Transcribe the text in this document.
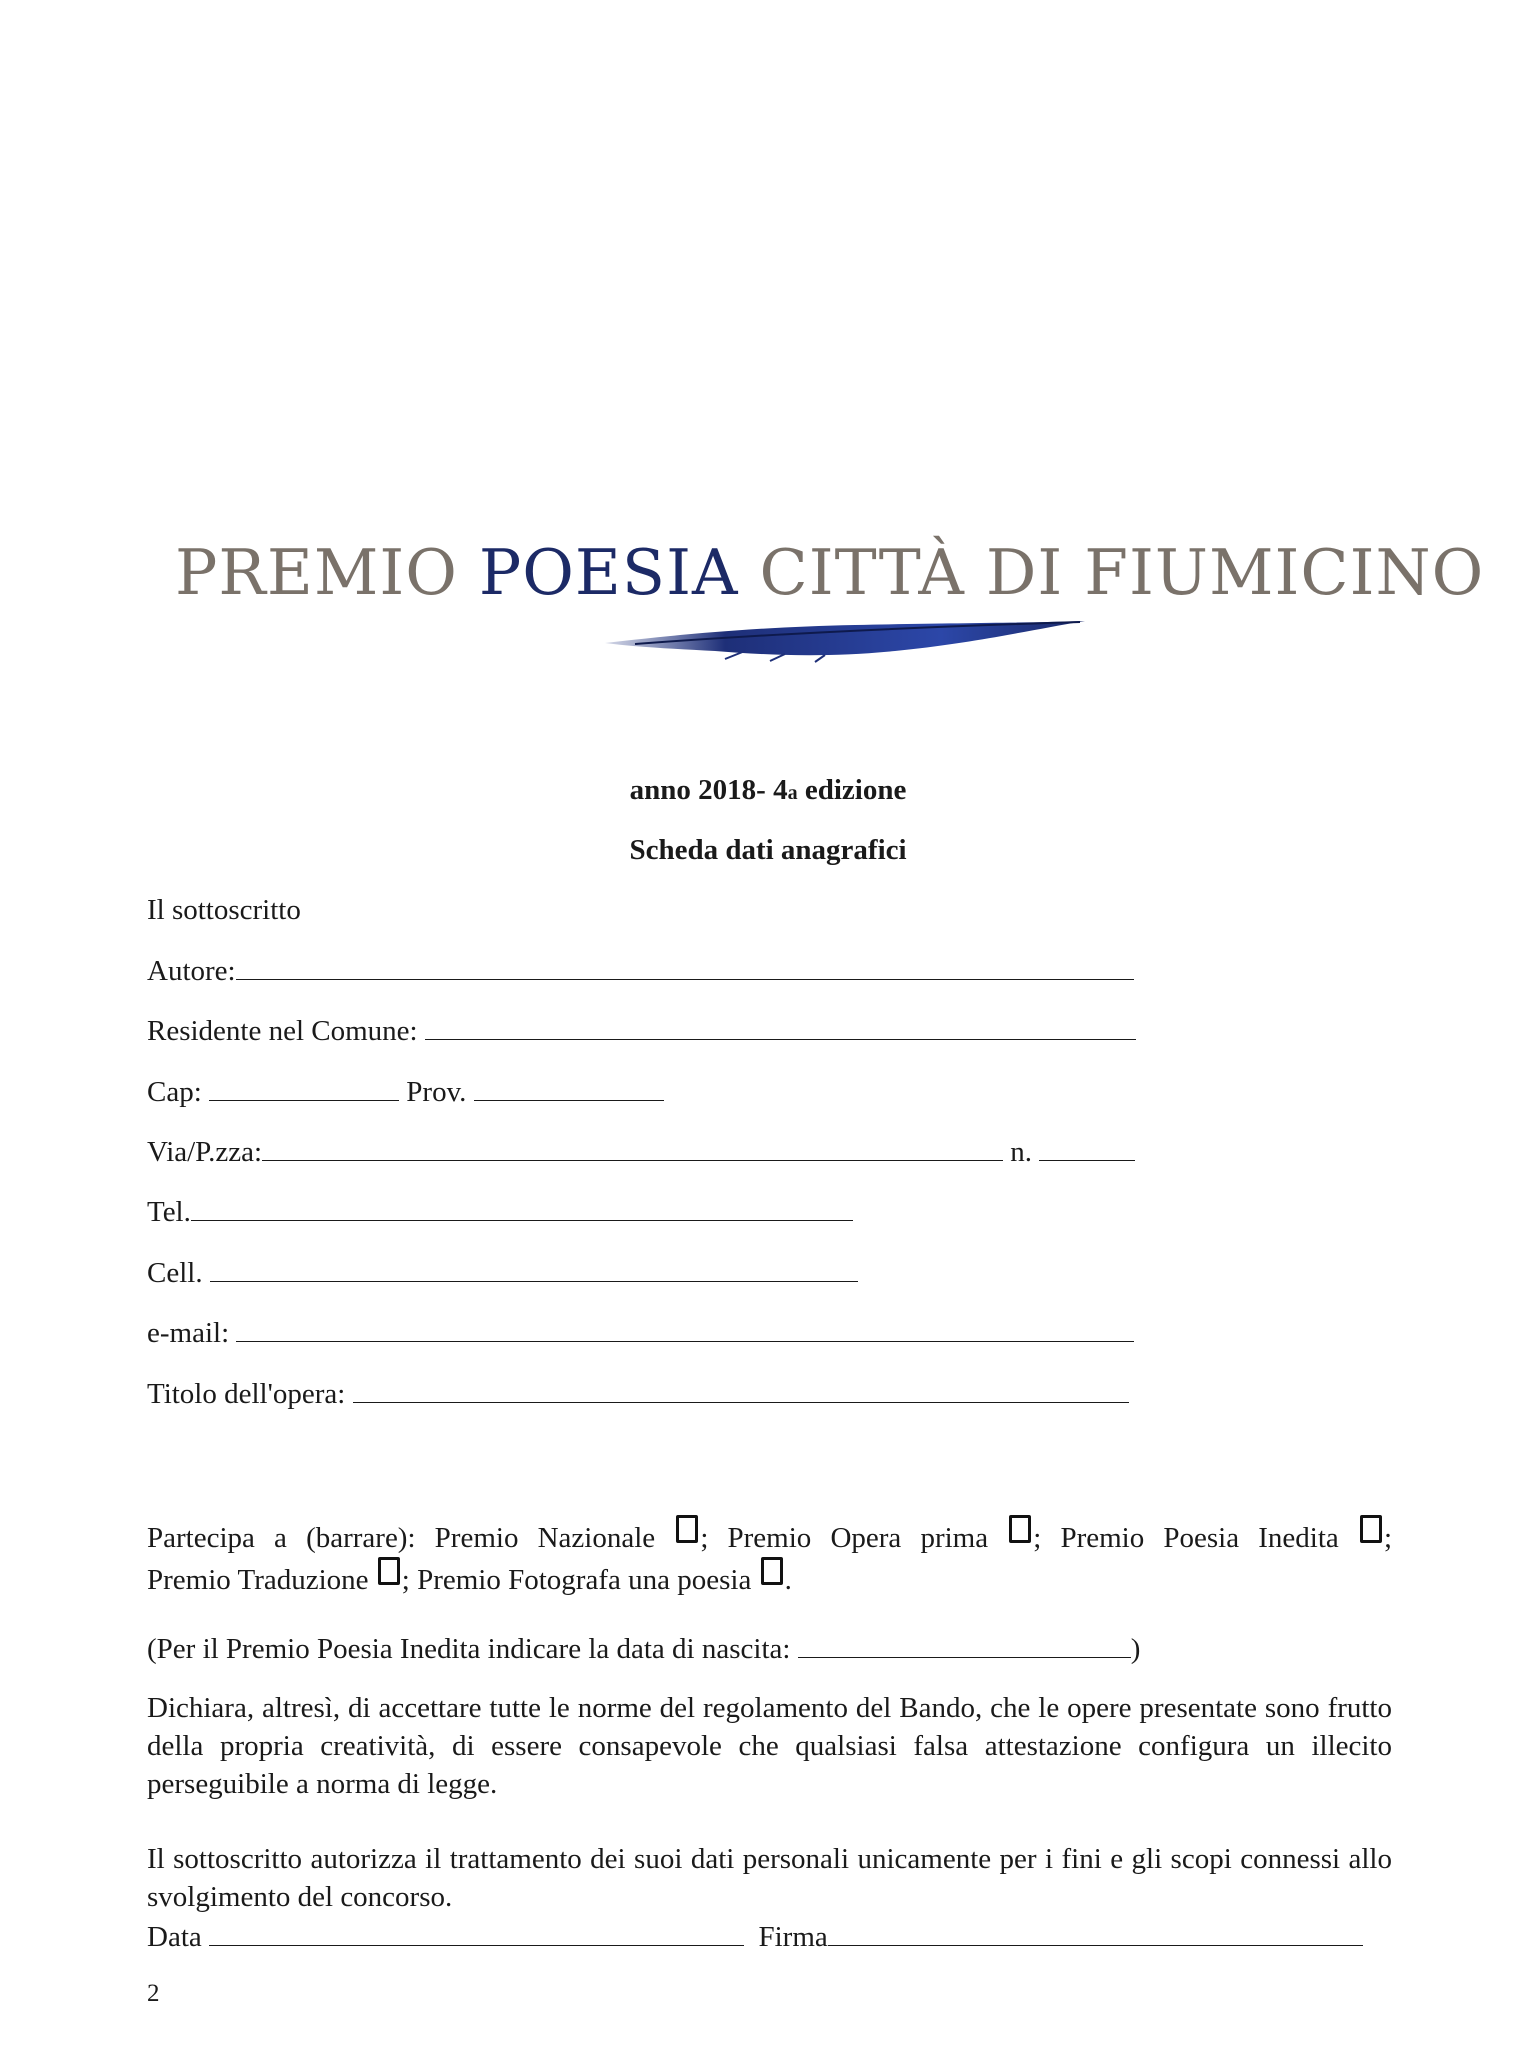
PREMIO POESIA CITTÀ DI FIUMICINO
anno 2018- 4a edizione
Scheda dati anagrafici
Il sottoscritto
Autore:
Residente nel Comune:
Cap:	Prov.
Via/P.zza:	n.
Tel.
Cell.
e-mail:
Titolo dell'opera:
Partecipa a (barrare): Premio Nazionale ; Premio Opera prima ; Premio Poesia Inedita ;
Premio Traduzione ; Premio Fotografa una poesia .
(Per il Premio Poesia Inedita indicare la data di nascita:	)
Dichiara, altresì, di accettare tutte le norme del regolamento del Bando, che le opere presentate sono frutto della propria creatività, di essere consapevole che qualsiasi falsa attestazione configura un illecito perseguibile a norma di legge.
Il sottoscritto autorizza il trattamento dei suoi dati personali unicamente per i fini e gli scopi connessi allo svolgimento del concorso.
Data	Firma
2
